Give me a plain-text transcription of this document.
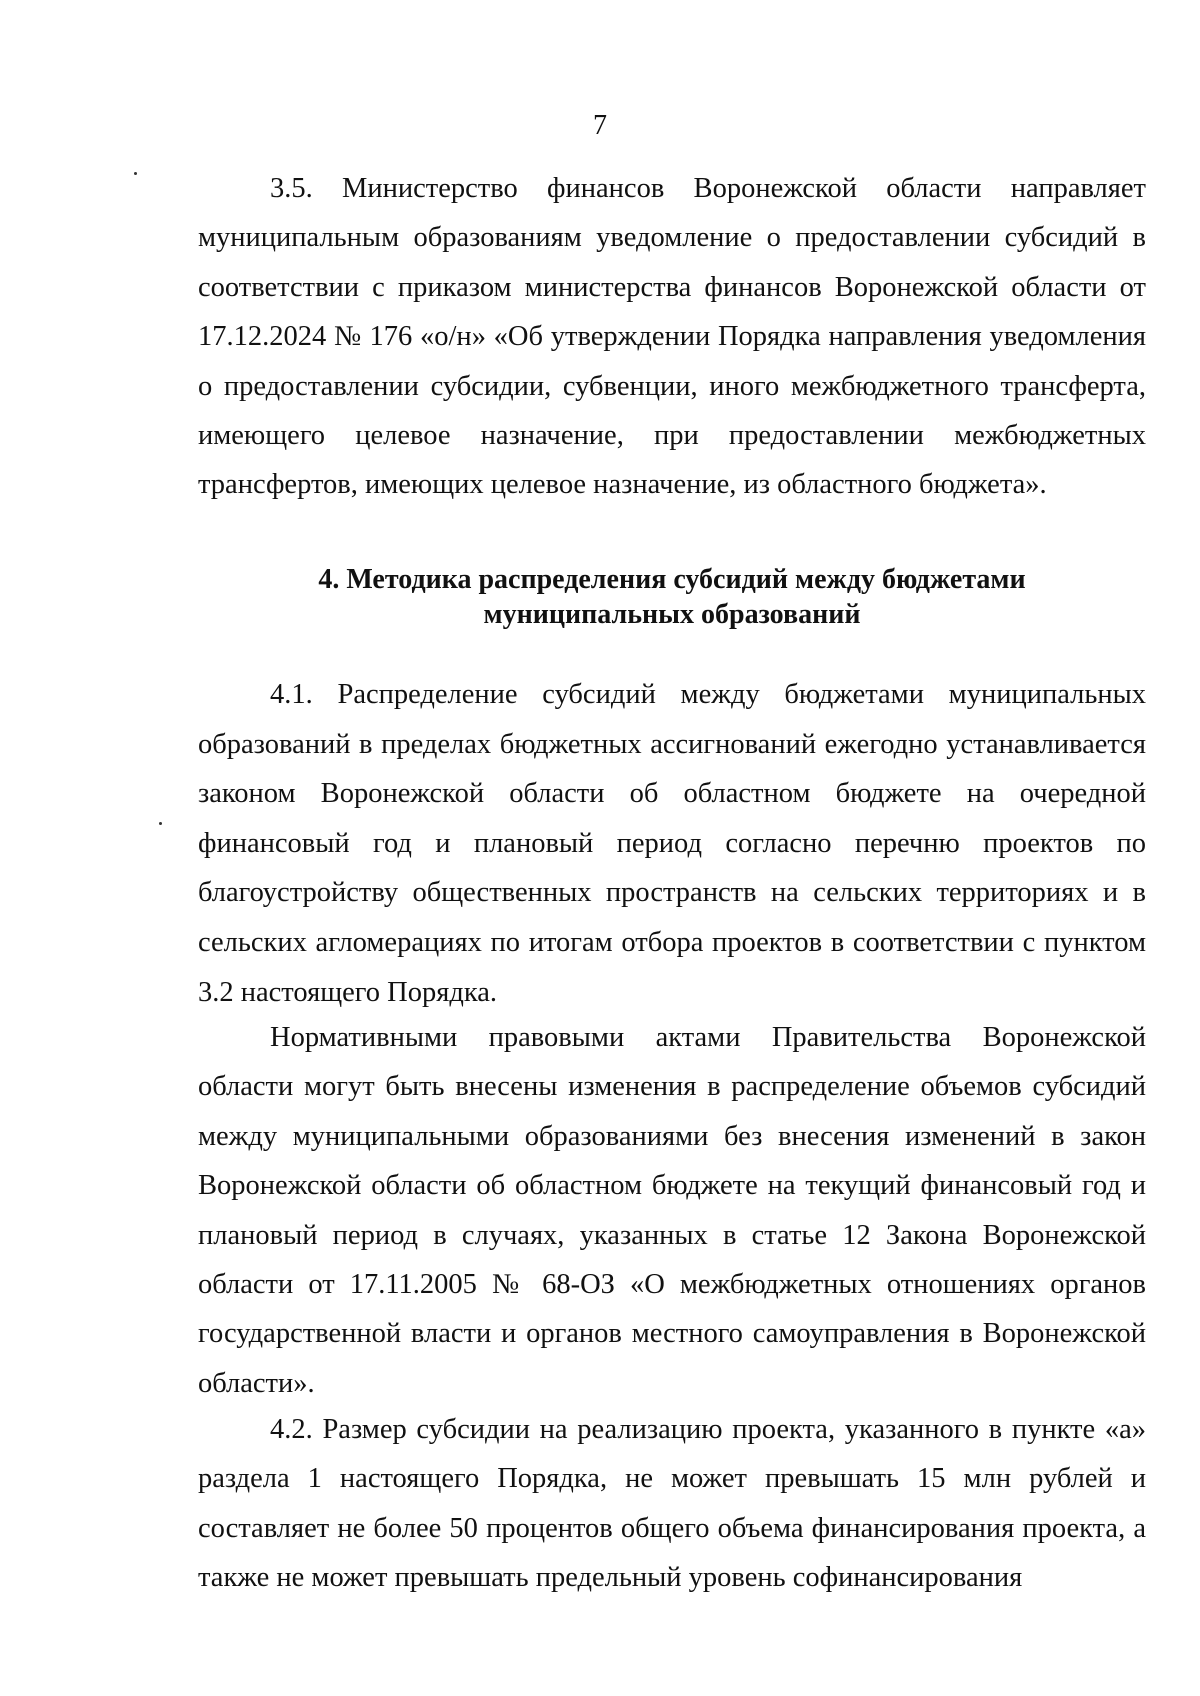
7

3.5. Министерство финансов Воронежской области направляет муниципальным образованиям уведомление о предоставлении субсидий в соответствии с приказом министерства финансов Воронежской области от 17.12.2024 № 176 «о/н» «Об утверждении Порядка направления уведомления о предоставлении субсидии, субвенции, иного межбюджетного трансферта, имеющего целевое назначение, при предоставлении межбюджетных трансфертов, имеющих целевое назначение, из областного бюджета».

4. Методика распределения субсидий между бюджетами
муниципальных образований

4.1. Распределение субсидий между бюджетами муниципальных образований в пределах бюджетных ассигнований ежегодно устанавливается законом Воронежской области об областном бюджете на очередной финансовый год и плановый период согласно перечню проектов по благоустройству общественных пространств на сельских территориях и в сельских агломерациях по итогам отбора проектов в соответствии с пунктом 3.2 настоящего Порядка.

Нормативными правовыми актами Правительства Воронежской области могут быть внесены изменения в распределение объемов субсидий между муниципальными образованиями без внесения изменений в закон Воронежской области об областном бюджете на текущий финансовый год и плановый период в случаях, указанных в статье 12 Закона Воронежской области от 17.11.2005 № 68-ОЗ «О межбюджетных отношениях органов государственной власти и органов местного самоуправления в Воронежской области».

4.2. Размер субсидии на реализацию проекта, указанного в пункте «а» раздела 1 настоящего Порядка, не может превышать 15 млн рублей и составляет не более 50 процентов общего объема финансирования проекта, а также не может превышать предельный уровень софинансирования
